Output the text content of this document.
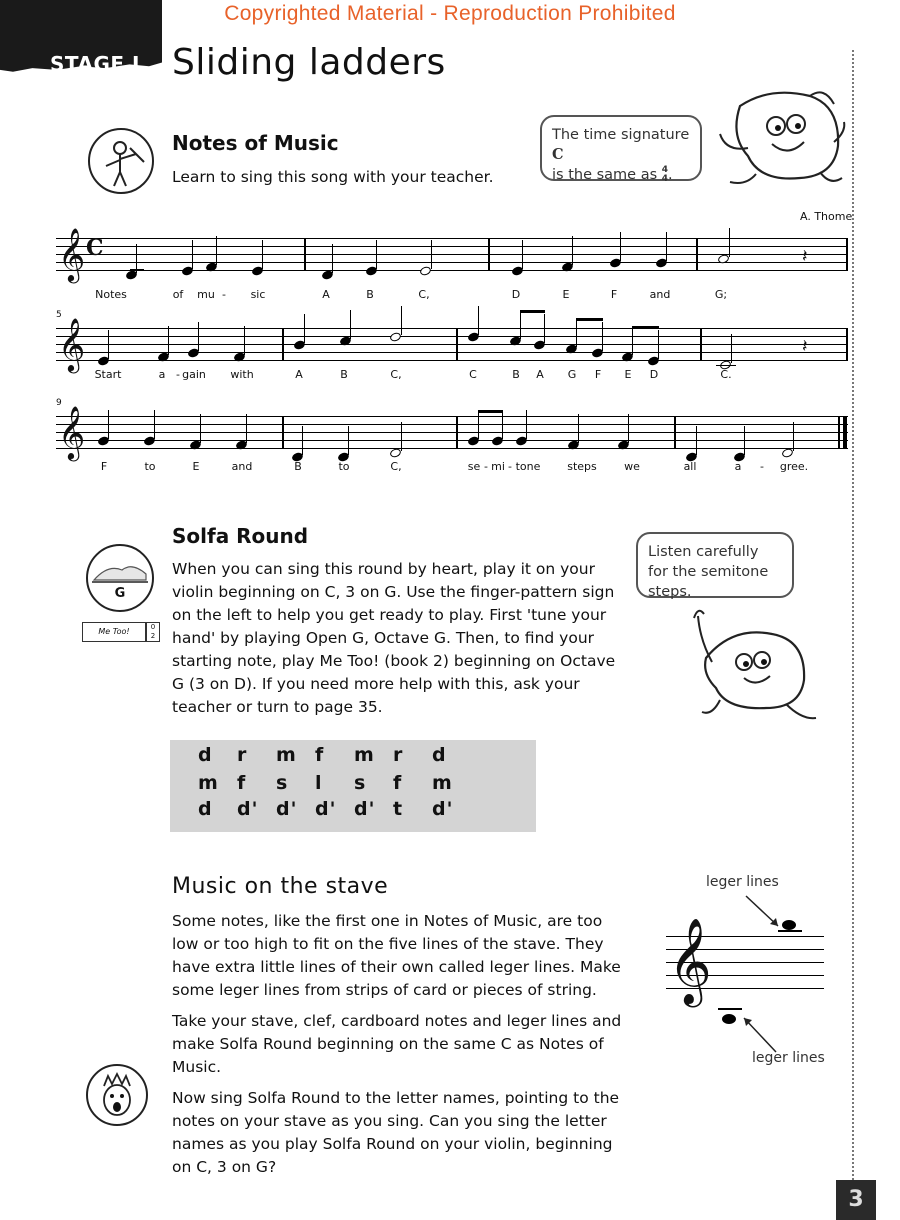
Copyrighted Material - Reproduction Prohibited
STAGE I Sliding ladders
Notes of Music
Learn to sing this song with your teacher.
The time signature C
is the same as 4
4 .
A. Thome
𝄞 C	𝄽
Notes	of mu - sic	A	B	C,	D	E	F	and	G;
5
𝄞	𝄽
Start	a - gain with	A	B	C,	C	B A G F E D	C.
9
𝄞
F	to	E	and	B	to	C,	se - mi - tone steps we	all	a - gree.
Solfa Round
When you can sing this round by heart, play it on your violin beginning on C, 3 on G. Use the finger-pattern sign on the left to help you get ready to play. First 'tune your hand' by playing Open G, Octave G. Then, to find your starting note, play Me Too! (book 2) beginning on Octave G (3 on D). If you need more help with this, ask your teacher or turn to page 35.
G
Me Too!	0
2
Listen carefully for the semitone steps.
d r m f m r d
m f s l s f m
d d' d' d' d' t d'
Music on the stave

Some notes, like the first one in Notes of Music, are too low or too high to fit on the five lines of the stave. They have extra little lines of their own called leger lines. Make some leger lines from strips of card or pieces of string.

Take your stave, clef, cardboard notes and leger lines and make Solfa Round beginning on the same C as Notes of Music.

Now sing Solfa Round to the letter names, pointing to the notes on your stave as you sing. Can you sing the letter names as you play Solfa Round on your violin, beginning on C, 3 on G?

leger lines
𝄞
leger lines
3
